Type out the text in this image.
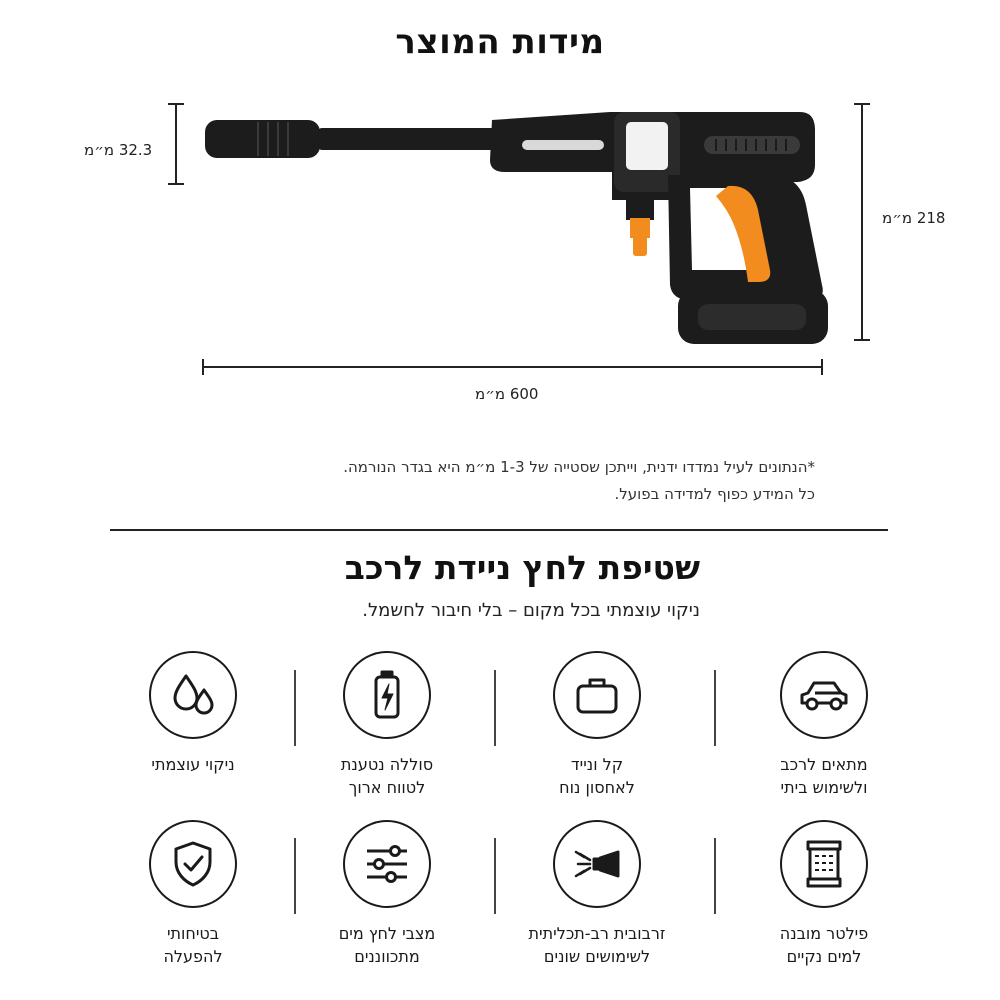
מידות המוצר
32.3 מ״מ
218 מ״מ
600 מ״מ
*הנתונים לעיל נמדדו ידנית, וייתכן שסטייה של 1-3 מ״מ היא בגדר הנורמה.
כל המידע כפוף למדידה בפועל.
שטיפת לחץ ניידת לרכב
ניקוי עוצמתי בכל מקום – בלי חיבור לחשמל.
מתאים לרכב
ולשימוש ביתי
קל ונייד
לאחסון נוח
סוללה נטענת
לטווח ארוך
ניקוי עוצמתי
פילטר מובנה
למים נקיים
זרבובית רב-תכליתית
לשימושים שונים
מצבי לחץ מים
מתכווננים
בטיחותי
להפעלה
